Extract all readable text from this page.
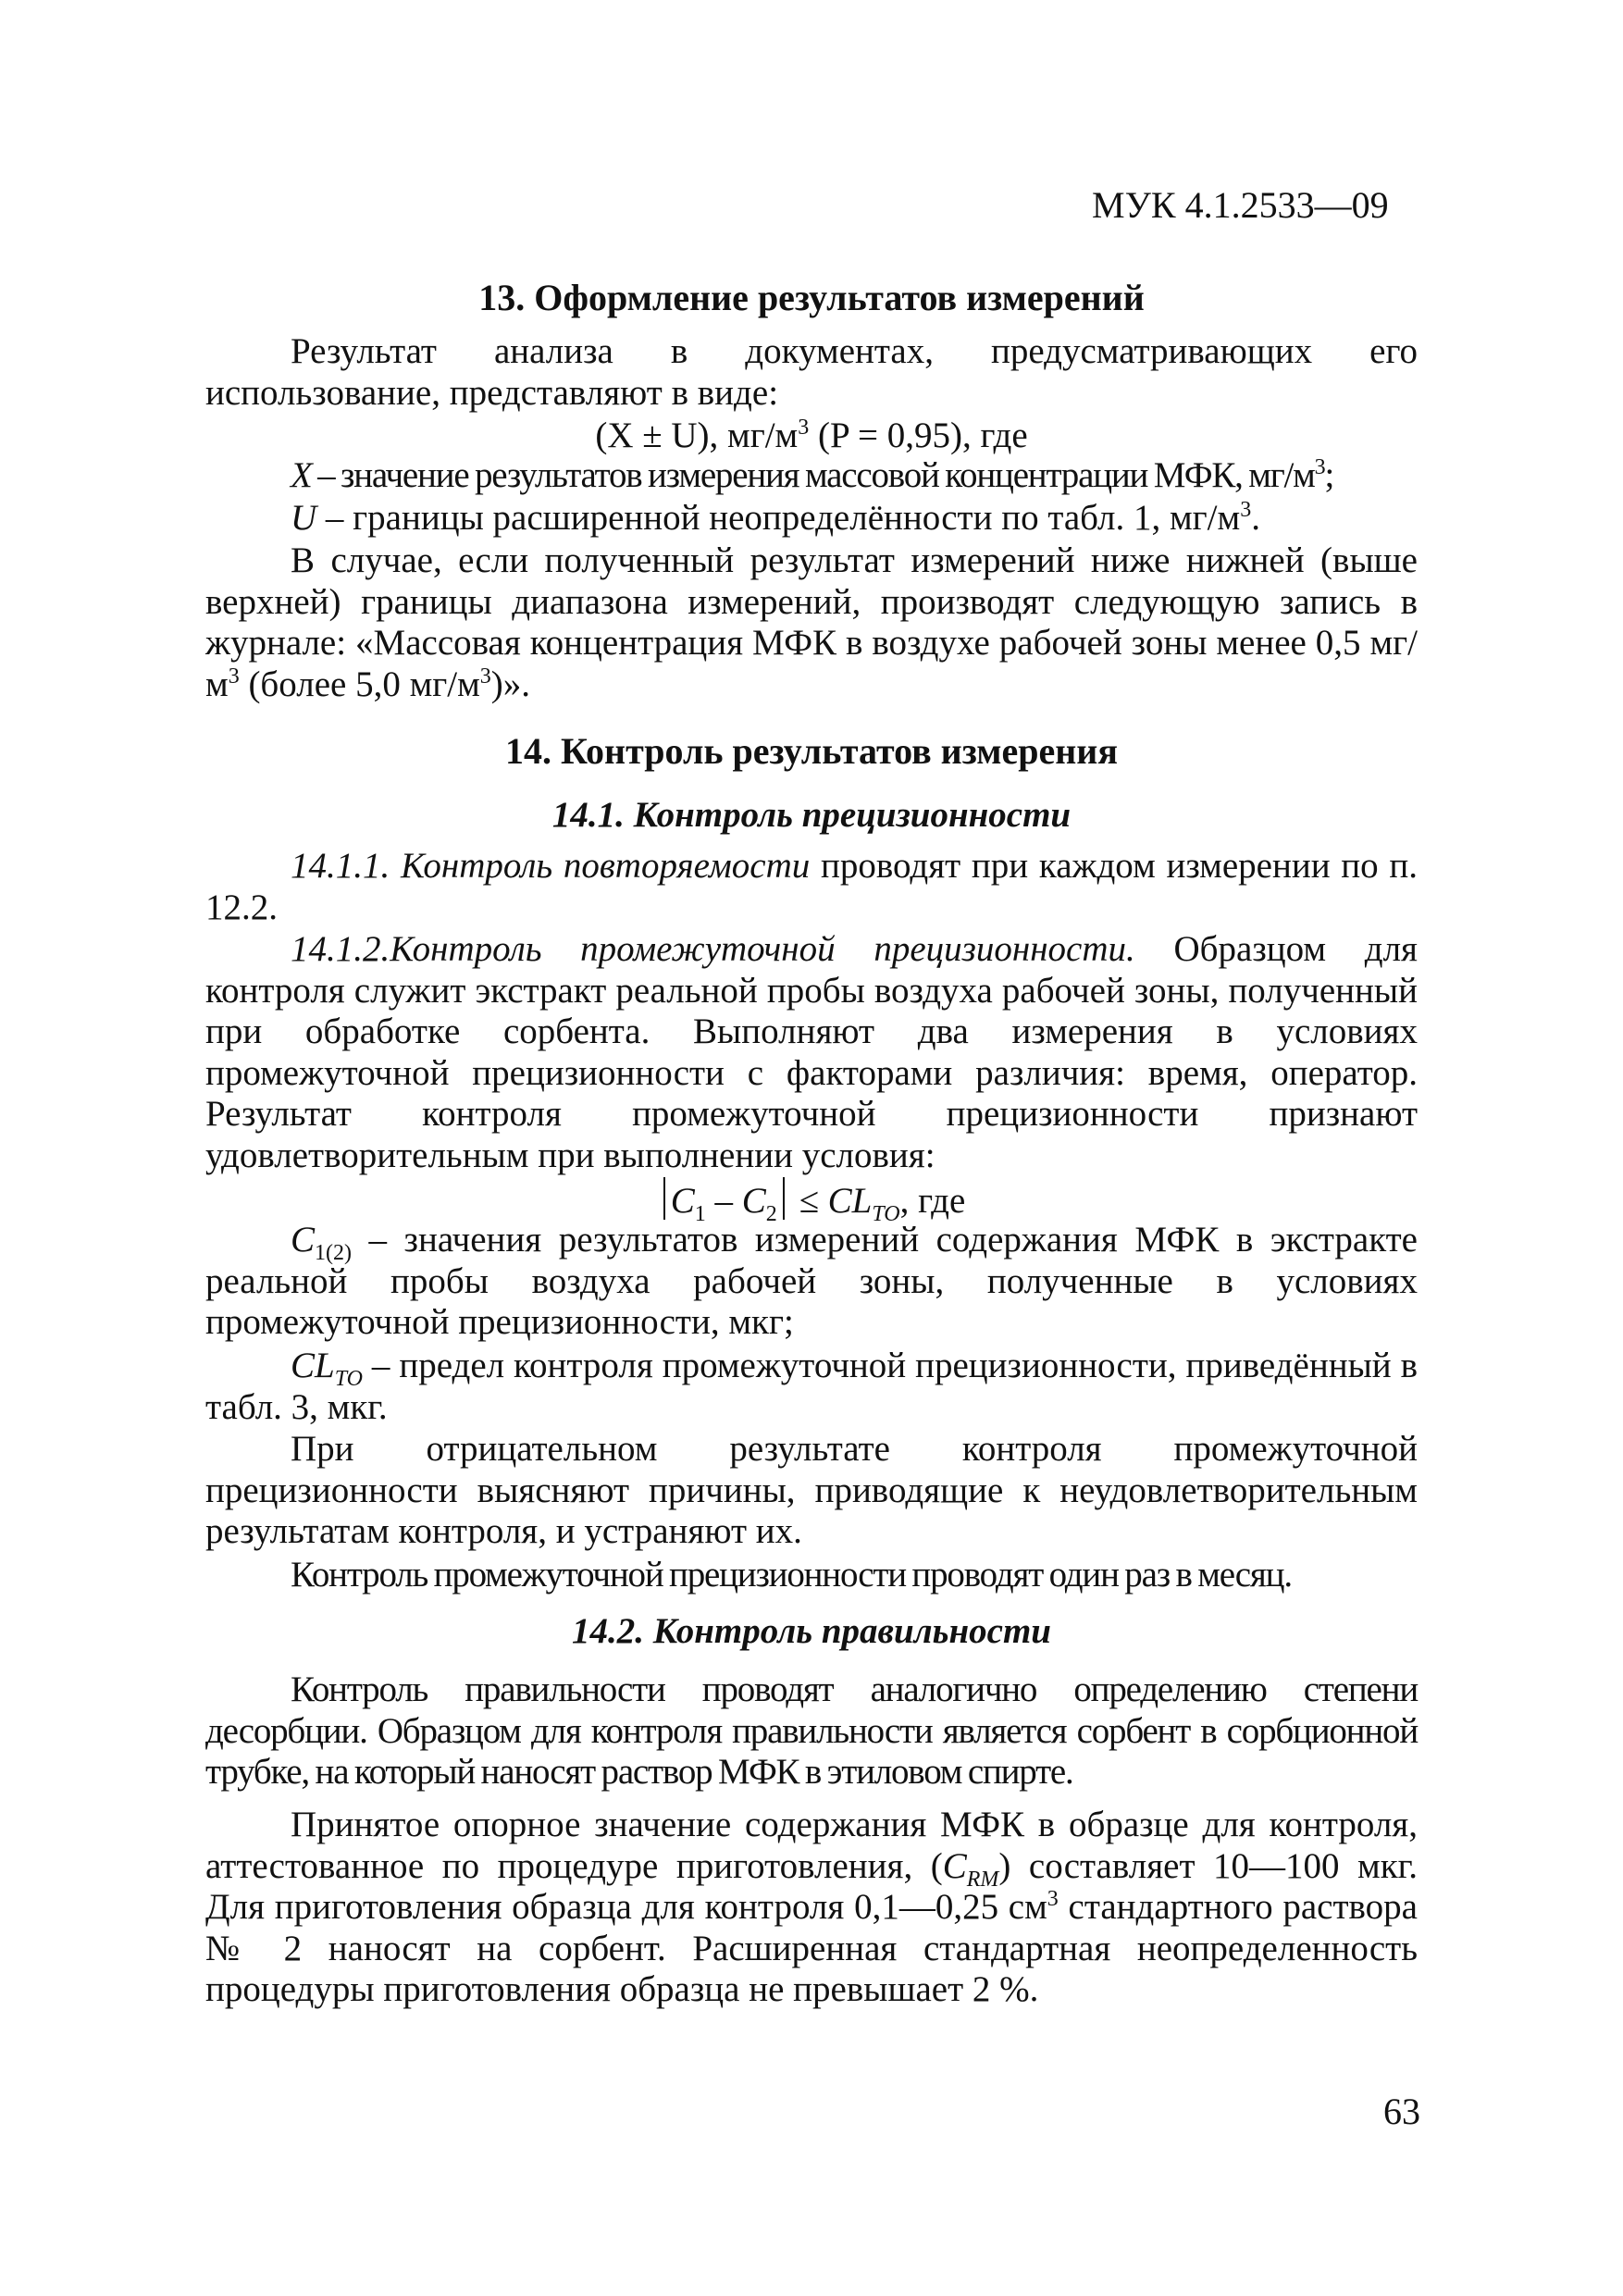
МУК 4.1.2533—09
13. Оформление результатов измерений
Результат анализа в документах, предусматривающих его использование, представляют в виде:
(X ± U), $мг/м^3$ (P = 0,95), где
X – значение результатов измерения массовой концентрации МФК, $мг/м^3$;
U – границы расширенной неопределённости по табл. 1, $мг/м^3$.
В случае, если полученный результат измерений ниже нижней (выше верхней) границы диапазона измерений, производят следующую запись в журнале: «Массовая концентрация МФК в воздухе рабочей зоны менее 0,5 $мг/м^3$ (более 5,0 $мг/м^3$)».
14. Контроль результатов измерения
14.1. Контроль прецизионности
14.1.1. Контроль повторяемости проводят при каждом измерении по п. 12.2.
14.1.2.Контроль промежуточной прецизионности. Образцом для контроля служит экстракт реальной пробы воздуха рабочей зоны, полученный при обработке сорбента. Выполняют два измерения в условиях промежуточной прецизионности с факторами различия: время, оператор. Результат контроля промежуточной прецизионности признают удовлетворительным при выполнении условия:
$C_1 - C_2 \le CL_{TO}$, где
$C_{1(2)}$ – значения результатов измерений содержания МФК в экстракте реальной пробы воздуха рабочей зоны, полученные в условиях промежуточной прецизионности, мкг;
$CL_{TO}$ – предел контроля промежуточной прецизионности, приведённый в табл. 3, мкг.
При отрицательном результате контроля промежуточной прецизионности выясняют причины, приводящие к неудовлетворительным результатам контроля, и устраняют их.
Контроль промежуточной прецизионности проводят один раз в месяц.
14.2. Контроль правильности
Контроль правильности проводят аналогично определению степени десорбции. Образцом для контроля правильности является сорбент в сорбционной трубке, на который наносят раствор МФК в этиловом спирте.
Принятое опорное значение содержания МФК в образце для контроля, аттестованное по процедуре приготовления, $(C_{RM})$ составляет 10—100 мкг. Для приготовления образца для контроля 0,1—0,25 $см^3$ стандартного раствора № 2 наносят на сорбент. Расширенная стандартная неопределенность процедуры приготовления образца не превышает 2 %.
63
